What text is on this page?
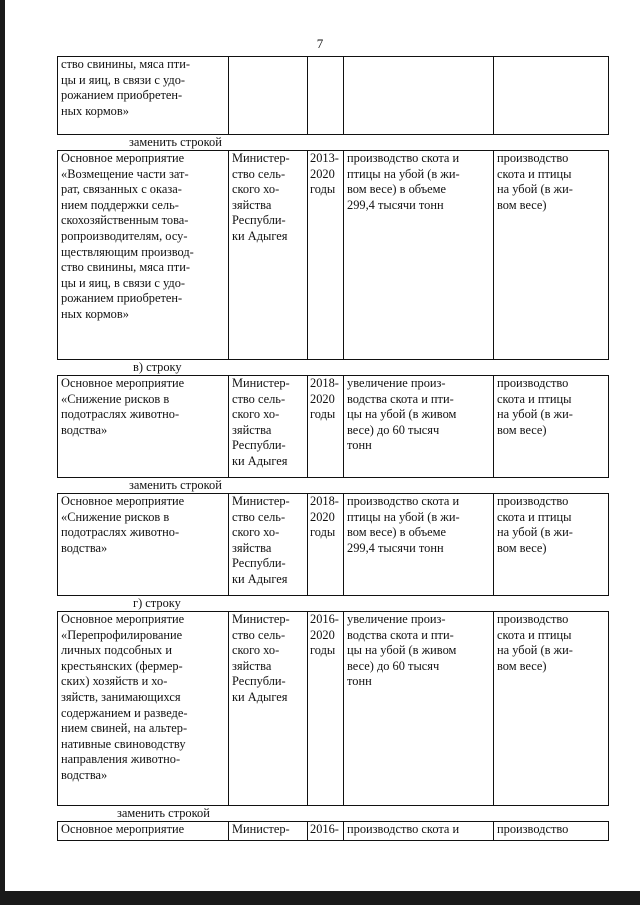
7
ство свинины, мяса пти-
цы и яиц, в связи с удо-
рожанием приобретен-
ных кормов»				
заменить строкой
Основное мероприятие
«Возмещение части зат-
рат, связанных с оказа-
нием поддержки сель-
скохозяйственным това-
ропроизводителям, осу-
ществляющим производ-
ство свинины, мяса пти-
цы и яиц, в связи с удо-
рожанием приобретен-
ных кормов»	Министер-
ство сель-
ского хо-
зяйства
Республи-
ки Адыгея	2013-
2020
годы	производство скота и
птицы на убой (в жи-
вом весе) в объеме
299,4 тысячи тонн	производство
скота и птицы
на убой (в жи-
вом весе)
в) строку
Основное мероприятие
«Снижение рисков в
подотраслях животно-
водства»	Министер-
ство сель-
ского хо-
зяйства
Республи-
ки Адыгея	2018-
2020
годы	увеличение произ-
водства скота и пти-
цы на убой (в живом
весе) до 60 тысяч
тонн	производство
скота и птицы
на убой (в жи-
вом весе)
заменить строкой
Основное мероприятие
«Снижение рисков в
подотраслях животно-
водства»	Министер-
ство сель-
ского хо-
зяйства
Республи-
ки Адыгея	2018-
2020
годы	производство скота и
птицы на убой (в жи-
вом весе) в объеме
299,4 тысячи тонн	производство
скота и птицы
на убой (в жи-
вом весе)
г) строку
Основное мероприятие
«Перепрофилирование
личных подсобных и
крестьянских (фермер-
ских) хозяйств и хо-
зяйств, занимающихся
содержанием и разведе-
нием свиней, на альтер-
нативные свиноводству
направления животно-
водства»	Министер-
ство сель-
ского хо-
зяйства
Республи-
ки Адыгея	2016-
2020
годы	увеличение произ-
водства скота и пти-
цы на убой (в живом
весе) до 60 тысяч
тонн	производство
скота и птицы
на убой (в жи-
вом весе)
заменить строкой
Основное мероприятие	Министер-	2016-	производство скота и	производство
